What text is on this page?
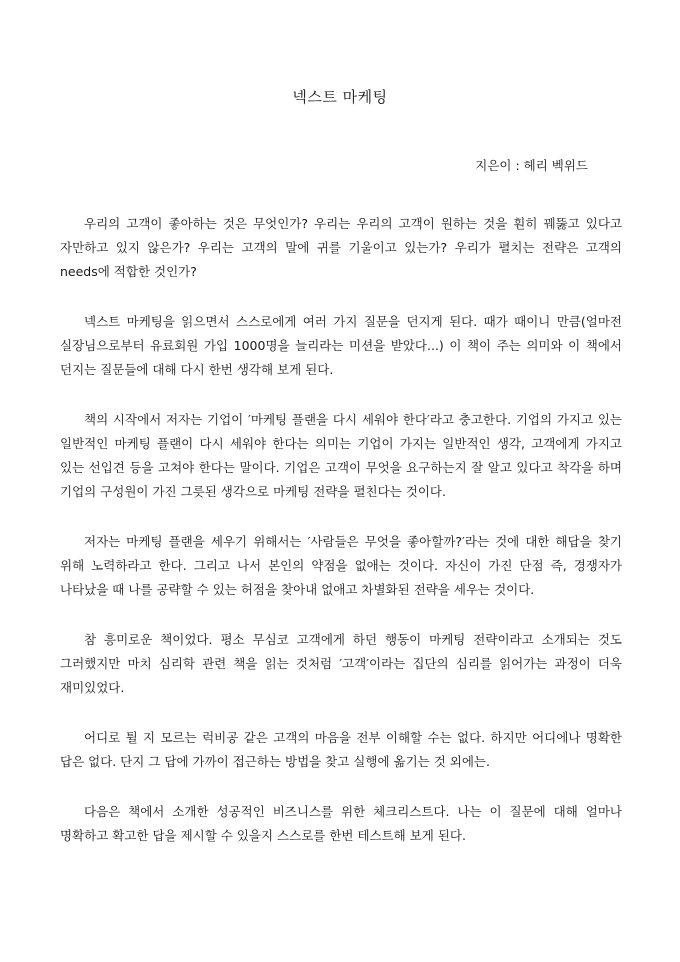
넥스트 마케팅
지은이 : 헤리 벡위드

우리의 고객이 좋아하는 것은 무엇인가? 우리는 우리의 고객이 원하는 것을 훤히 꿰뚫고 있다고 자만하고 있지 않은가? 우리는 고객의 말에 귀를 기울이고 있는가? 우리가 펼치는 전략은 고객의 needs에 적합한 것인가?

넥스트 마케팅을 읽으면서 스스로에게 여러 가지 질문을 던지게 된다. 때가 때이니 만큼(얼마전 실장님으로부터 유료회원 가입 1000명을 늘리라는 미션을 받았다...) 이 책이 주는 의미와 이 책에서 던지는 질문들에 대해 다시 한번 생각해 보게 된다.

책의 시작에서 저자는 기업이 ′마케팅 플랜을 다시 세워야 한다′라고 충고한다. 기업의 가지고 있는 일반적인 마케팅 플랜이 다시 세워야 한다는 의미는 기업이 가지는 일반적인 생각, 고객에게 가지고 있는 선입견 등을 고쳐야 한다는 말이다. 기업은 고객이 무엇을 요구하는지 잘 알고 있다고 착각을 하며 기업의 구성원이 가진 그릇된 생각으로 마케팅 전략을 펼친다는 것이다.

저자는 마케팅 플랜을 세우기 위해서는 ′사람들은 무엇을 좋아할까?′라는 것에 대한 해답을 찾기 위해 노력하라고 한다. 그리고 나서 본인의 약점을 없애는 것이다. 자신이 가진 단점 즉, 경쟁자가 나타났을 때 나를 공략할 수 있는 허점을 찾아내 없애고 차별화된 전략을 세우는 것이다.

참 흥미로운 책이었다. 평소 무심코 고객에게 하던 행동이 마케팅 전략이라고 소개되는 것도 그러했지만 마치 심리학 관련 책을 읽는 것처럼 ′고객′이라는 집단의 심리를 읽어가는 과정이 더욱 재미있었다.

어디로 튈 지 모르는 럭비공 같은 고객의 마음을 전부 이해할 수는 없다. 하지만 어디에나 명확한 답은 없다. 단지 그 답에 가까이 접근하는 방법을 찾고 실행에 옮기는 것 외에는.

다음은 책에서 소개한 성공적인 비즈니스를 위한 체크리스트다. 나는 이 질문에 대해 얼마나 명확하고 확고한 답을 제시할 수 있을지 스스로를 한번 테스트해 보게 된다.
